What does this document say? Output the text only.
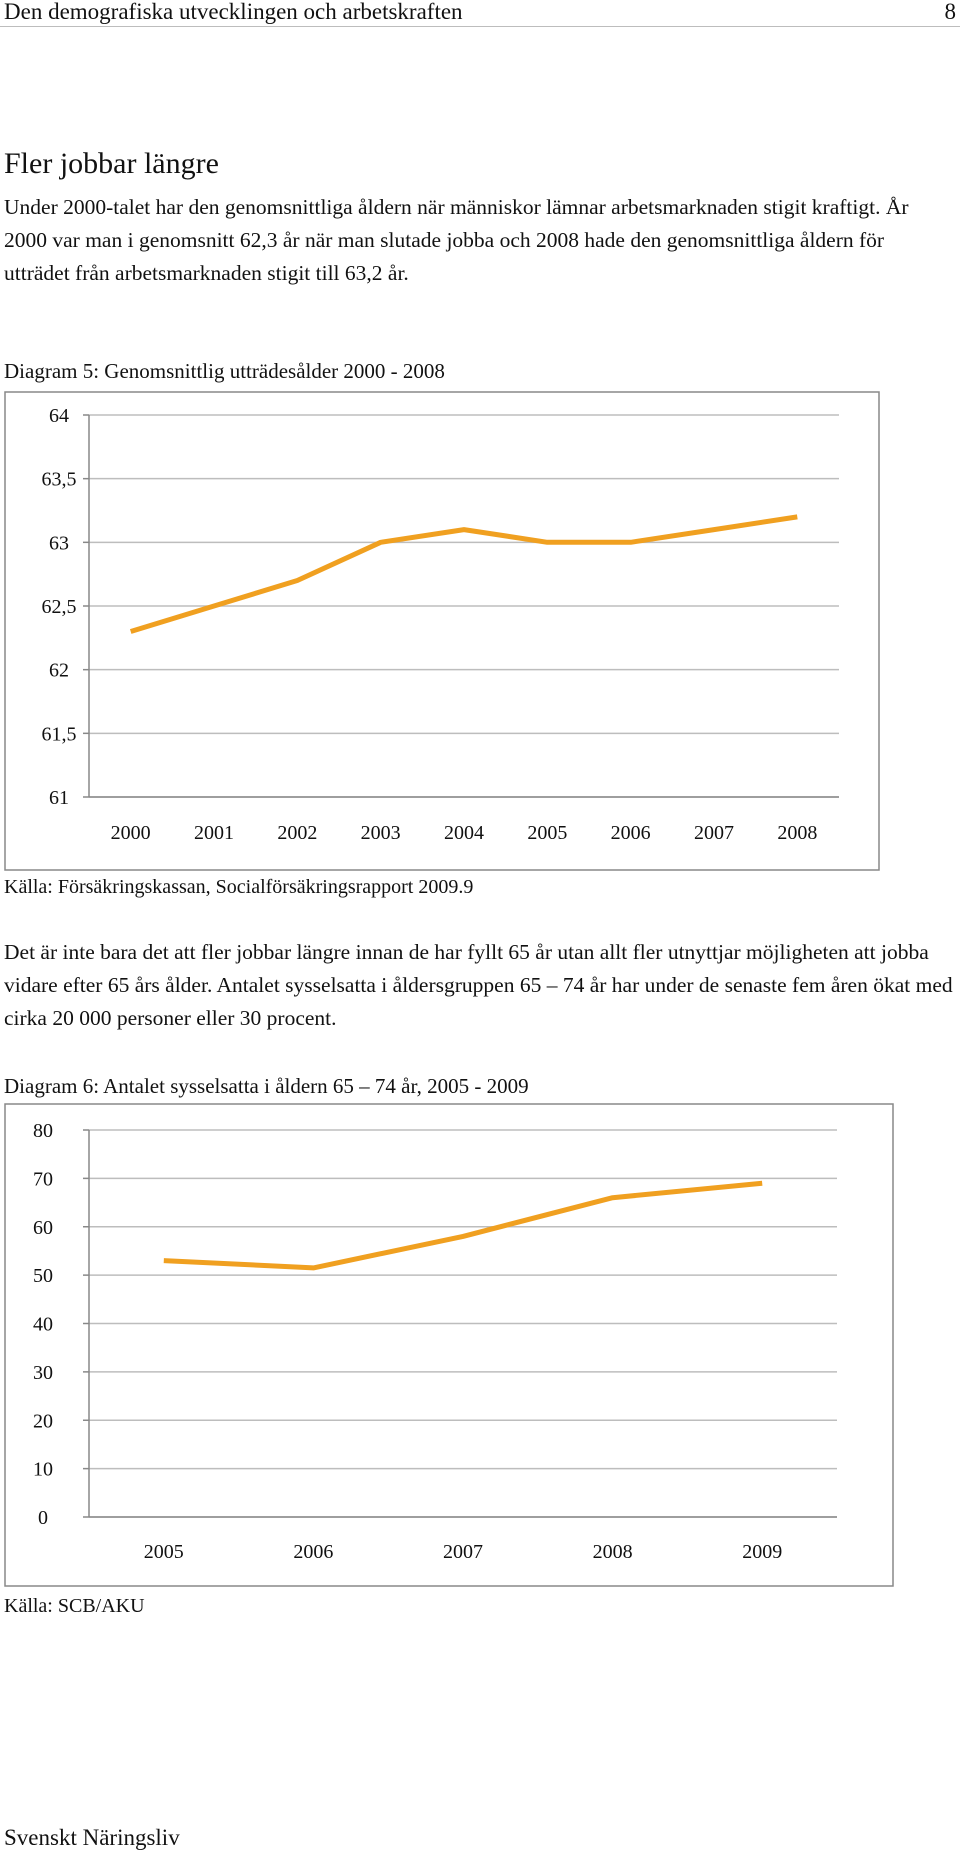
Den demografiska utvecklingen och arbetskraften	8
Fler jobbar längre

Under 2000-talet har den genomsnittliga åldern när människor lämnar arbetsmarknaden stigit kraftigt. År 2000 var man i genomsnitt 62,3 år när man slutade jobba och 2008 hade den genomsnittliga åldern för utträdet från arbetsmarknaden stigit till 63,2 år.

Diagram 5: Genomsnittlig utträdesålder 2000 - 2008

64
63,5
63
62,5
62
61,5
61
2000 2001 2002 2003 2004 2005 2006 2007 2008

Källa: Försäkringskassan, Socialförsäkringsrapport 2009.9

Det är inte bara det att fler jobbar längre innan de har fyllt 65 år utan allt fler utnyttjar möjligheten att jobba vidare efter 65 års ålder. Antalet sysselsatta i åldersgruppen 65 – 74 år har under de senaste fem åren ökat med cirka 20 000 personer eller 30 procent.

Diagram 6: Antalet sysselsatta i åldern 65 – 74 år, 2005 - 2009

80
70
60
50
40
30
20
10
0
2005	2006	2007	2008	2009

Källa: SCB/AKU

Svenskt Näringsliv
